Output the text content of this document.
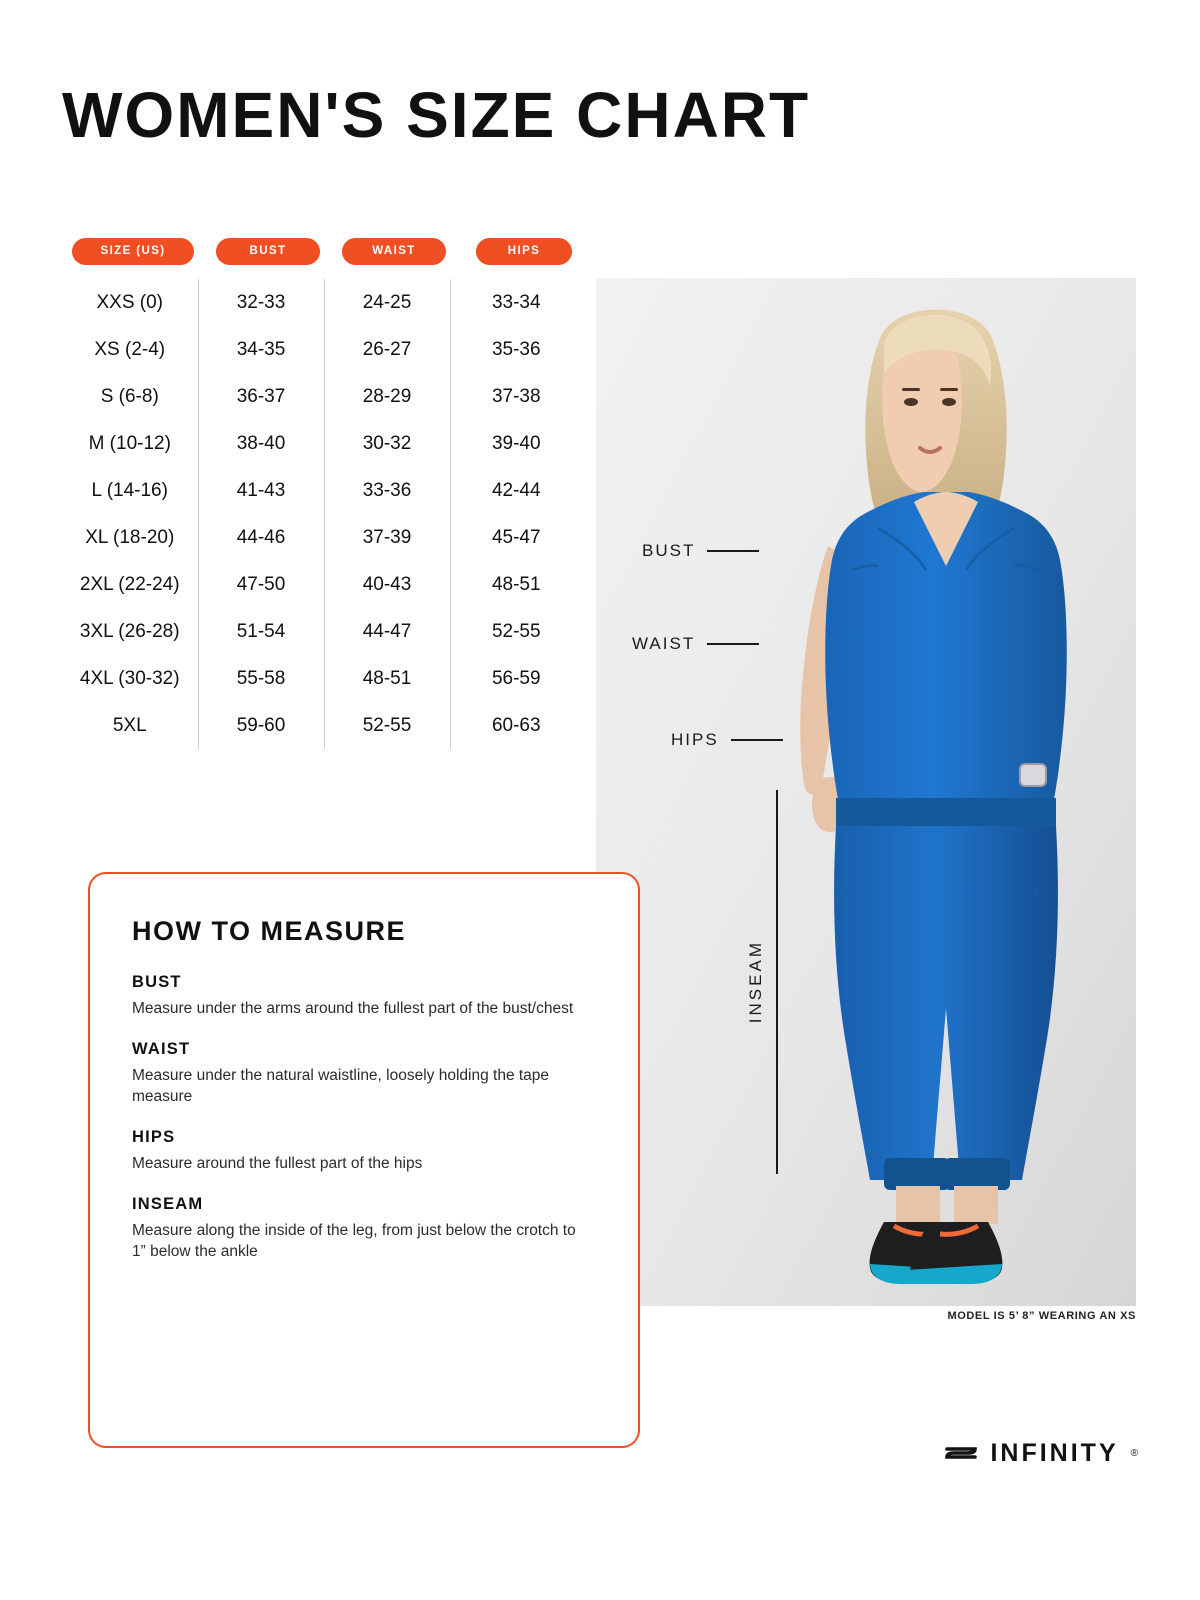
WOMEN'S SIZE CHART
MODEL IS 5’ 8” WEARING AN XS
BUST
WAIST
HIPS
INSEAM
SIZE (US)	BUST	WAIST	HIPS
XXS (0)	32-33	24-25	33-34
XS (2-4)	34-35	26-27	35-36
S (6-8)	36-37	28-29	37-38
M (10-12)	38-40	30-32	39-40
L (14-16)	41-43	33-36	42-44
XL (18-20)	44-46	37-39	45-47
2XL (22-24)	47-50	40-43	48-51
3XL (26-28)	51-54	44-47	52-55
4XL (30-32)	55-58	48-51	56-59
5XL	59-60	52-55	60-63
HOW TO MEASURE
BUST

Measure under the arms around the fullest part of the bust/chest

WAIST

Measure under the natural waistline, loosely holding the tape measure

HIPS

Measure around the fullest part of the hips

INSEAM

Measure along the inside of the leg, from just below the crotch to 1” below the ankle

INFINITY ®
